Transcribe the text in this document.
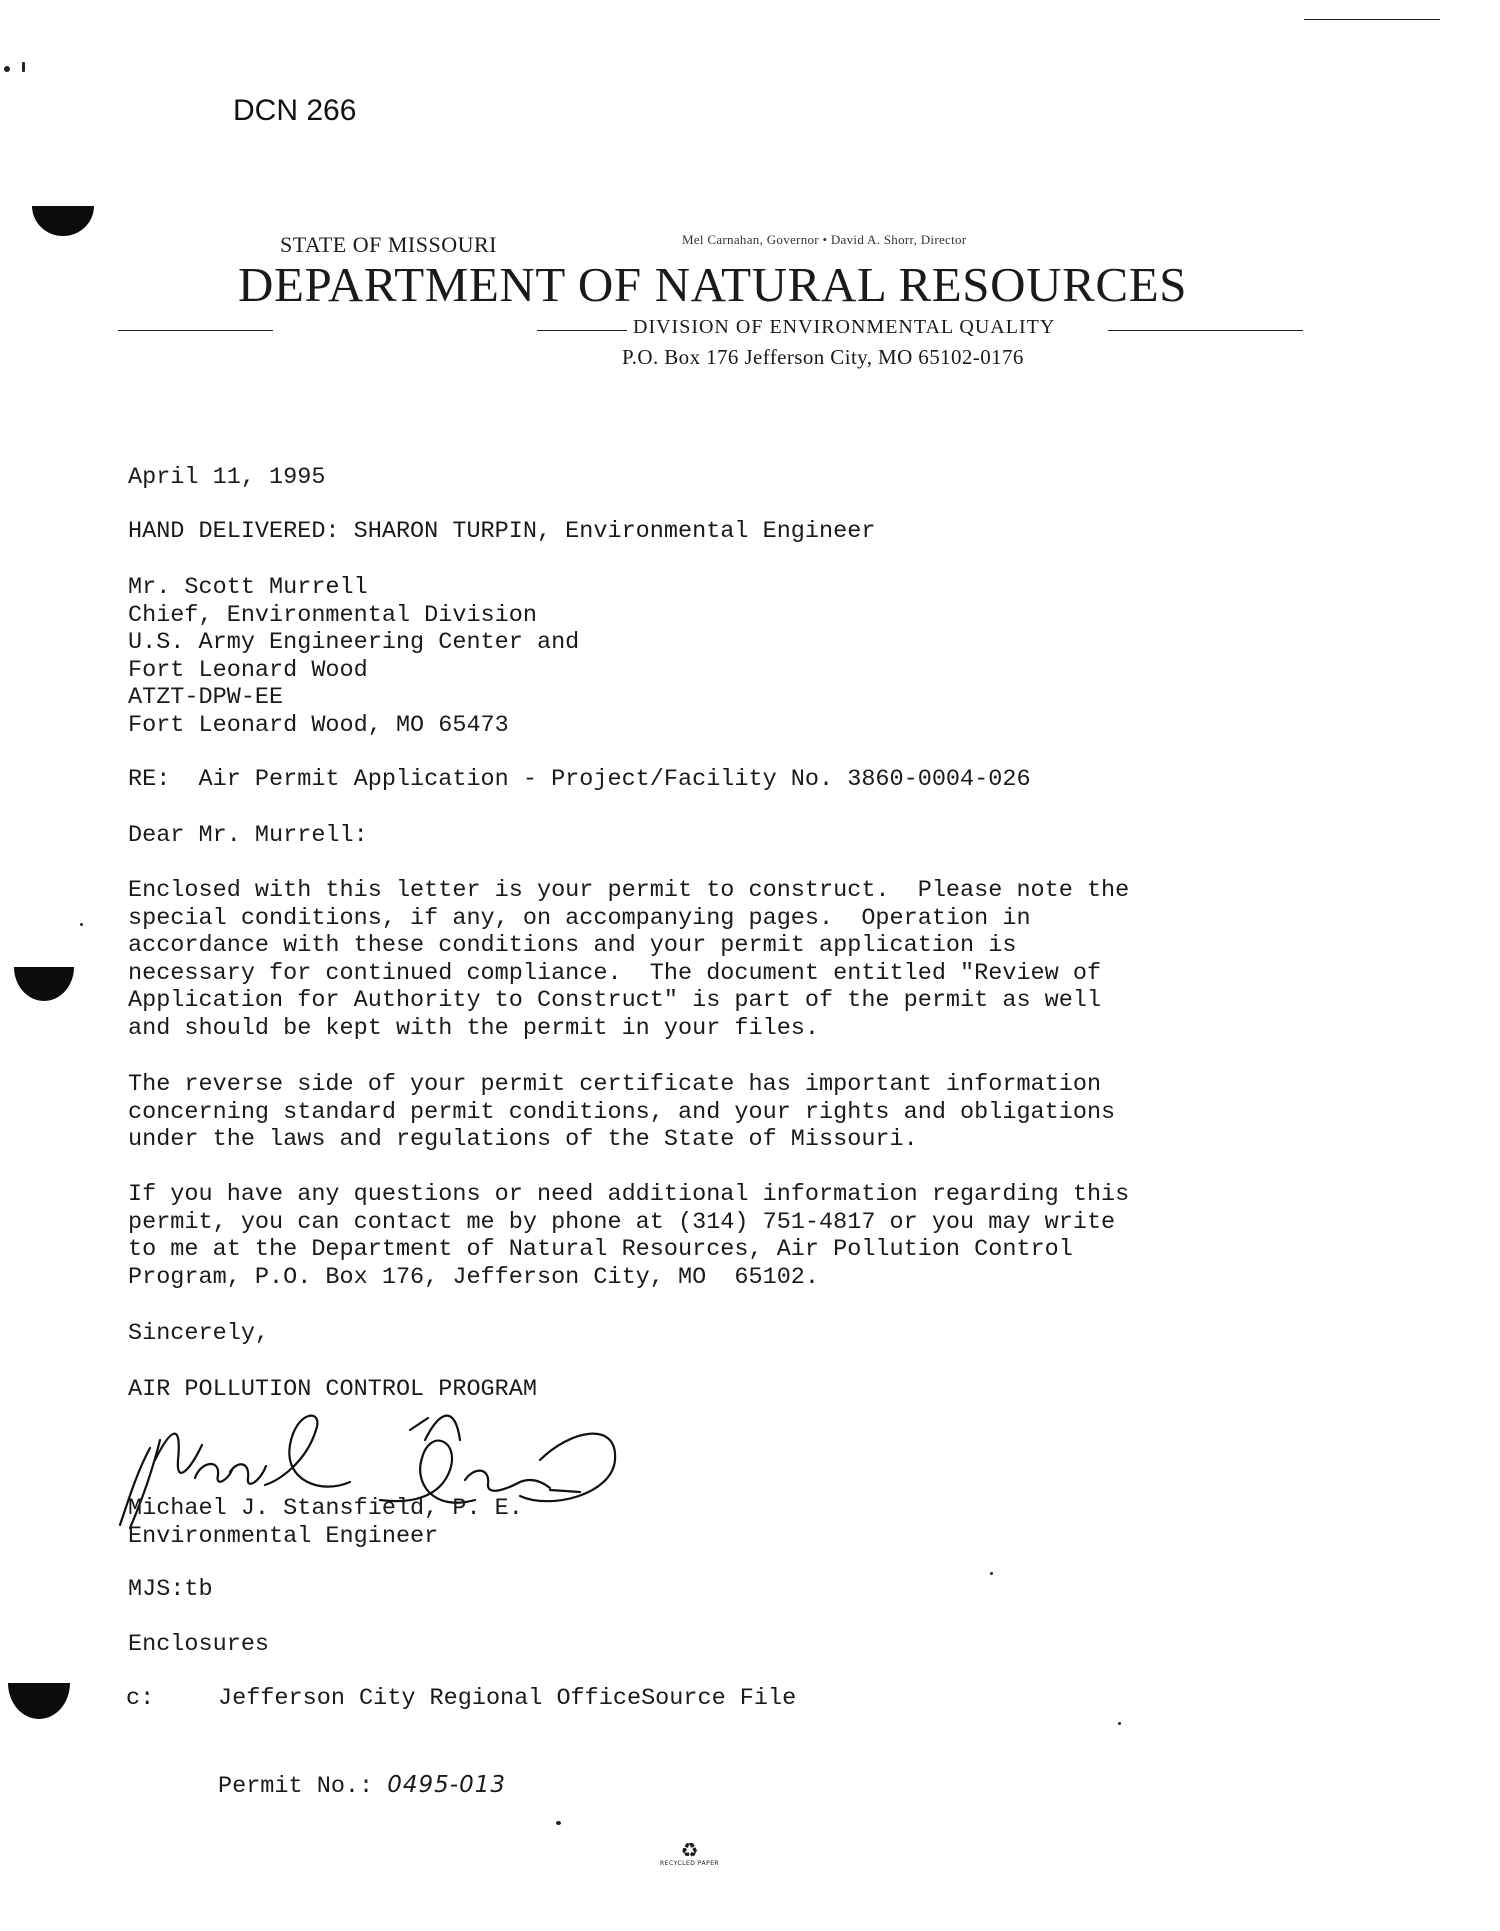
DCN 266
STATE OF MISSOURI	Mel Carnahan, Governor • David A. Shorr, Director
DEPARTMENT OF NATURAL RESOURCES
DIVISION OF ENVIRONMENTAL QUALITY
P.O. Box 176 Jefferson City, MO 65102-0176
April 11, 1995
HAND DELIVERED: SHARON TURPIN, Environmental Engineer
Mr. Scott Murrell
Chief, Environmental Division
U.S. Army Engineering Center and
Fort Leonard Wood
ATZT-DPW-EE
Fort Leonard Wood, MO 65473
RE:  Air Permit Application - Project/Facility No. 3860-0004-026
Dear Mr. Murrell:
Enclosed with this letter is your permit to construct.  Please note the
special conditions, if any, on accompanying pages.  Operation in
accordance with these conditions and your permit application is
necessary for continued compliance.  The document entitled "Review of
Application for Authority to Construct" is part of the permit as well
and should be kept with the permit in your files.
The reverse side of your permit certificate has important information
concerning standard permit conditions, and your rights and obligations
under the laws and regulations of the State of Missouri.
If you have any questions or need additional information regarding this
permit, you can contact me by phone at (314) 751-4817 or you may write
to me at the Department of Natural Resources, Air Pollution Control
Program, P.O. Box 176, Jefferson City, MO  65102.
Sincerely,
AIR POLLUTION CONTROL PROGRAM
Michael J. Stansfield, P. E.
Environmental Engineer
MJS:tb
Enclosures
c:	Jefferson City Regional OfficeSource File
Permit No.: 0495-013
♻
RECYCLED PAPER
